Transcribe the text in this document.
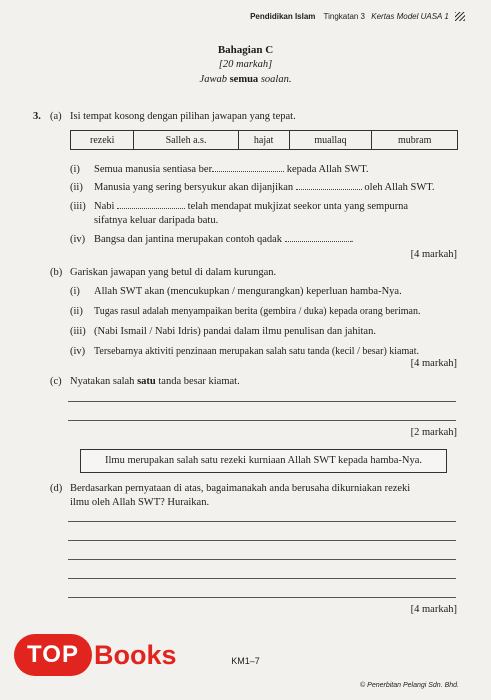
Pendidikan Islam Tingkatan 3 Kertas Model UASA 1
Bahagian C
[20 markah]
Jawab semua soalan.
3. (a) Isi tempat kosong dengan pilihan jawapan yang tepat.
rezeki	Salleh a.s.	hajat	muallaq	mubram
(i) Semua manusia sentiasa ber	kepada Allah SWT.
(ii) Manusia yang sering bersyukur akan dijanjikan	oleh Allah SWT.
(iii) Nabi	telah mendapat mukjizat seekor unta yang sempurna
sifatnya keluar daripada batu.
(iv) Bangsa dan jantina merupakan contoh qadak	.
[4 markah]
(b) Gariskan jawapan yang betul di dalam kurungan.
(i) Allah SWT akan (mencukupkan / mengurangkan) keperluan hamba-Nya.
(ii) Tugas rasul adalah menyampaikan berita (gembira / duka) kepada orang beriman.
(iii) (Nabi Ismail / Nabi Idris) pandai dalam ilmu penulisan dan jahitan.
(iv) Tersebarnya aktiviti penzinaan merupakan salah satu tanda (kecil / besar) kiamat.
[4 markah]
(c) Nyatakan salah satu tanda besar kiamat.
[2 markah]
Ilmu merupakan salah satu rezeki kurniaan Allah SWT kepada hamba-Nya.
(d) Berdasarkan pernyataan di atas, bagaimanakah anda berusaha dikurniakan rezeki
ilmu oleh Allah SWT? Huraikan.
[4 markah]
KM1–7
© Penerbitan Pelangi Sdn. Bhd.
TOP Books
